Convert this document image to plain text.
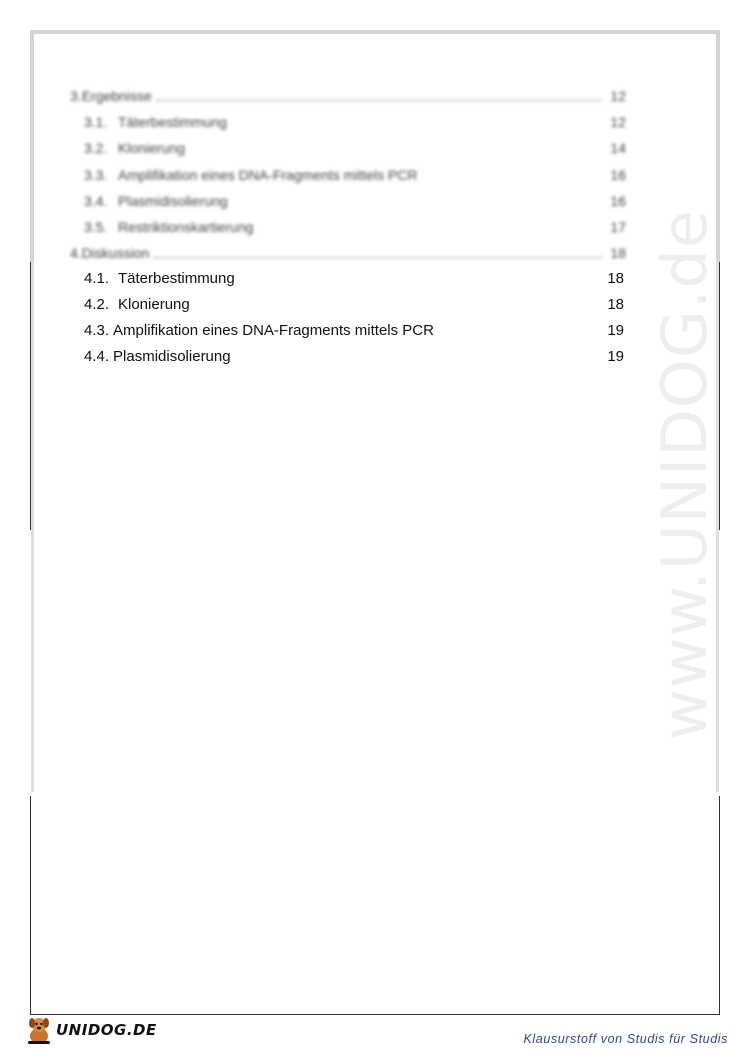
www.UNIDOG.de
3. Ergebnisse	12
3.1. Täterbestimmung	12
3.2. Klonierung	14
3.3. Amplifikation eines DNA-Fragments mittels PCR	16
3.4. Plasmidisolierung	16
3.5. Restriktionskartierung	17
4. Diskussion	18
4.1. Täterbestimmung	18
4.2. Klonierung	18
4.3. Amplifikation eines DNA-Fragments mittels PCR	19
4.4. Plasmidisolierung	19
UNIDOG.DE	Klausurstoff von Studis für Studis
